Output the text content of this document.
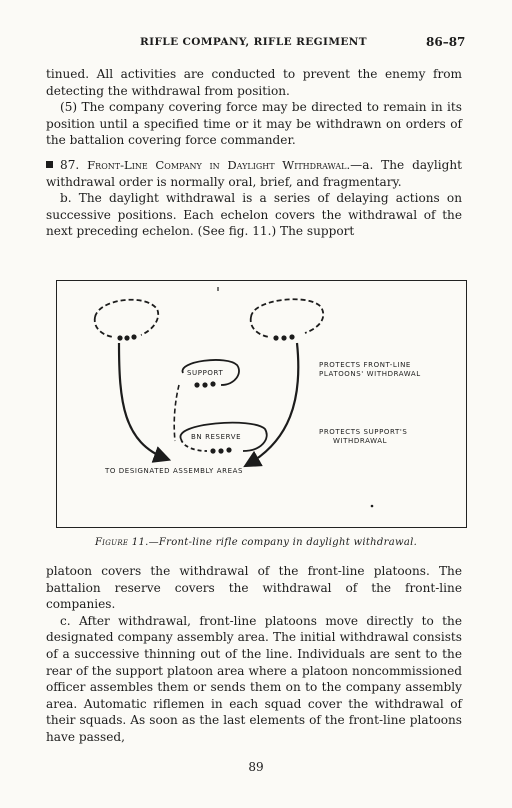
RIFLE COMPANY, RIFLE REGIMENT	86–87

tinued. All activities are conducted to prevent the enemy from detecting the withdrawal from position.

(5) The company covering force may be directed to remain in its position until a specified time or it may be withdrawn on orders of the battalion covering force commander.

87. Front-Line Company in Daylight Withdrawal.—a. The daylight withdrawal order is normally oral, brief, and fragmentary.

b. The daylight withdrawal is a series of delaying actions on successive positions. Each echelon covers the withdrawal of the next preceding echelon. (See fig. 11.) The support

SUPPORT
BN RESERVE
PROTECTS FRONT-LINE
PLATOONS' WITHDRAWAL
PROTECTS SUPPORT'S
WITHDRAWAL
TO DESIGNATED ASSEMBLY AREAS
Figure 11.—Front-line rifle company in daylight withdrawal.

platoon covers the withdrawal of the front-line platoons. The battalion reserve covers the withdrawal of the front-line companies.

c. After withdrawal, front-line platoons move directly to the designated company assembly area. The initial withdrawal consists of a successive thinning out of the line. Individuals are sent to the rear of the support platoon area where a platoon noncommissioned officer assembles them or sends them on to the company assembly area. Automatic riflemen in each squad cover the withdrawal of their squads. As soon as the last elements of the front-line platoons have passed,

89
